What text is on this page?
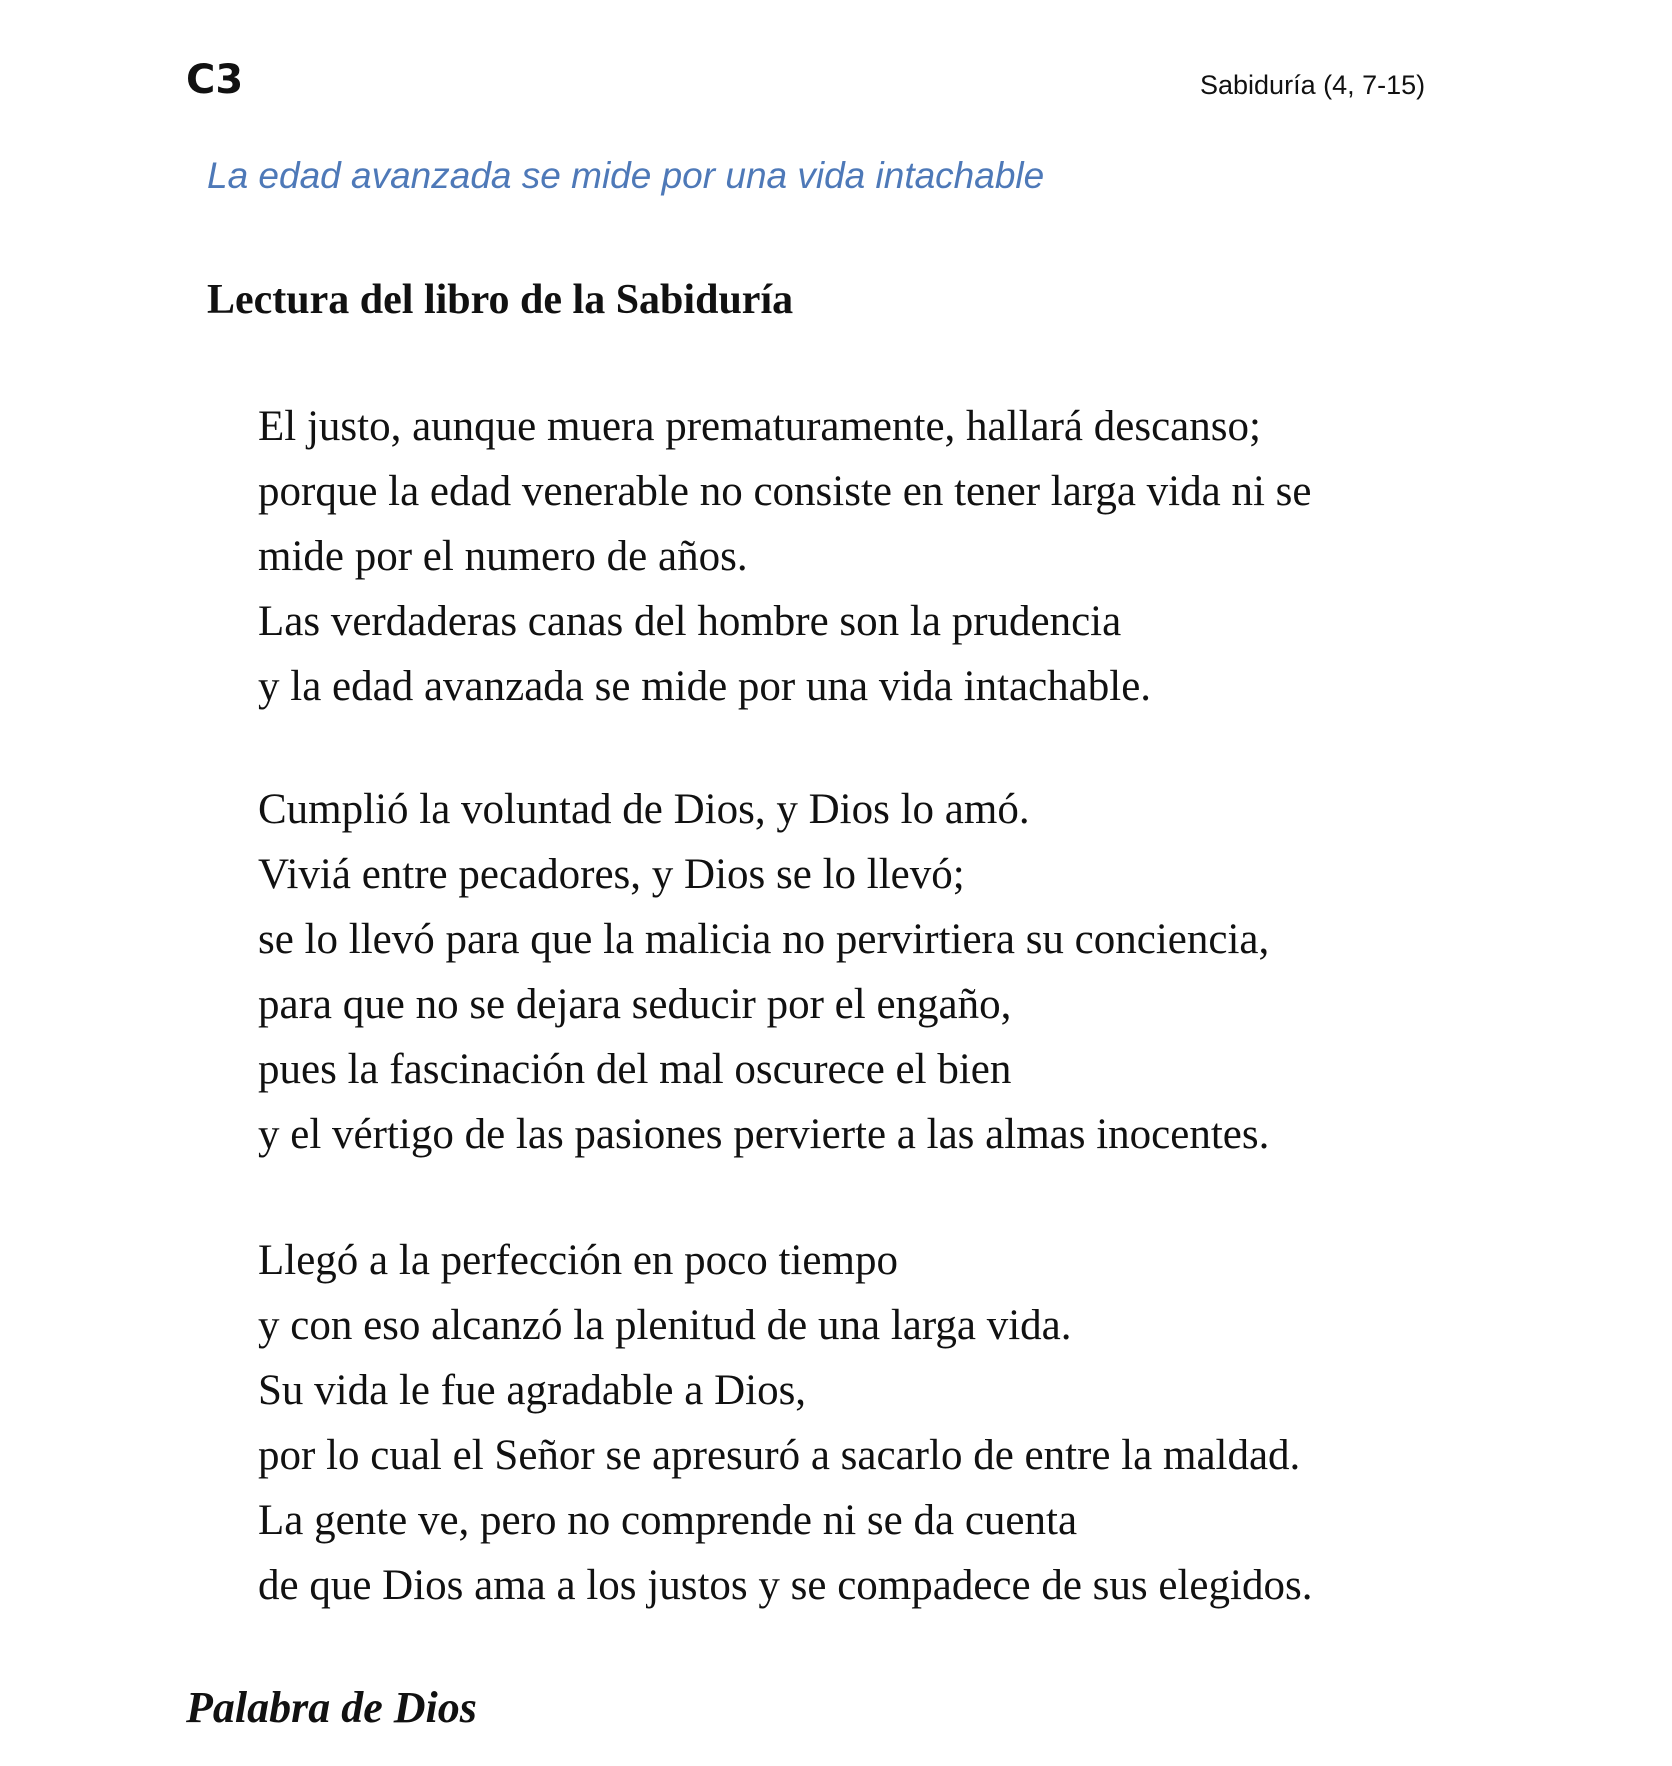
C3	Sabiduría (4, 7-15)
La edad avanzada se mide por una vida intachable
Lectura del libro de la Sabiduría
El justo, aunque muera prematuramente, hallará descanso;
porque la edad venerable no consiste en tener larga vida ni se
mide por el numero de años.
Las verdaderas canas del hombre son la prudencia
y la edad avanzada se mide por una vida intachable.
Cumplió la voluntad de Dios, y Dios lo amó.
Viviá entre pecadores, y Dios se lo llevó;
se lo llevó para que la malicia no pervirtiera su conciencia,
para que no se dejara seducir por el engaño,
pues la fascinación del mal oscurece el bien
y el vértigo de las pasiones pervierte a las almas inocentes.
Llegó a la perfección en poco tiempo
y con eso alcanzó la plenitud de una larga vida.
Su vida le fue agradable a Dios,
por lo cual el Señor se apresuró a sacarlo de entre la maldad.
La gente ve, pero no comprende ni se da cuenta
de que Dios ama a los justos y se compadece de sus elegidos.
Palabra de Dios
